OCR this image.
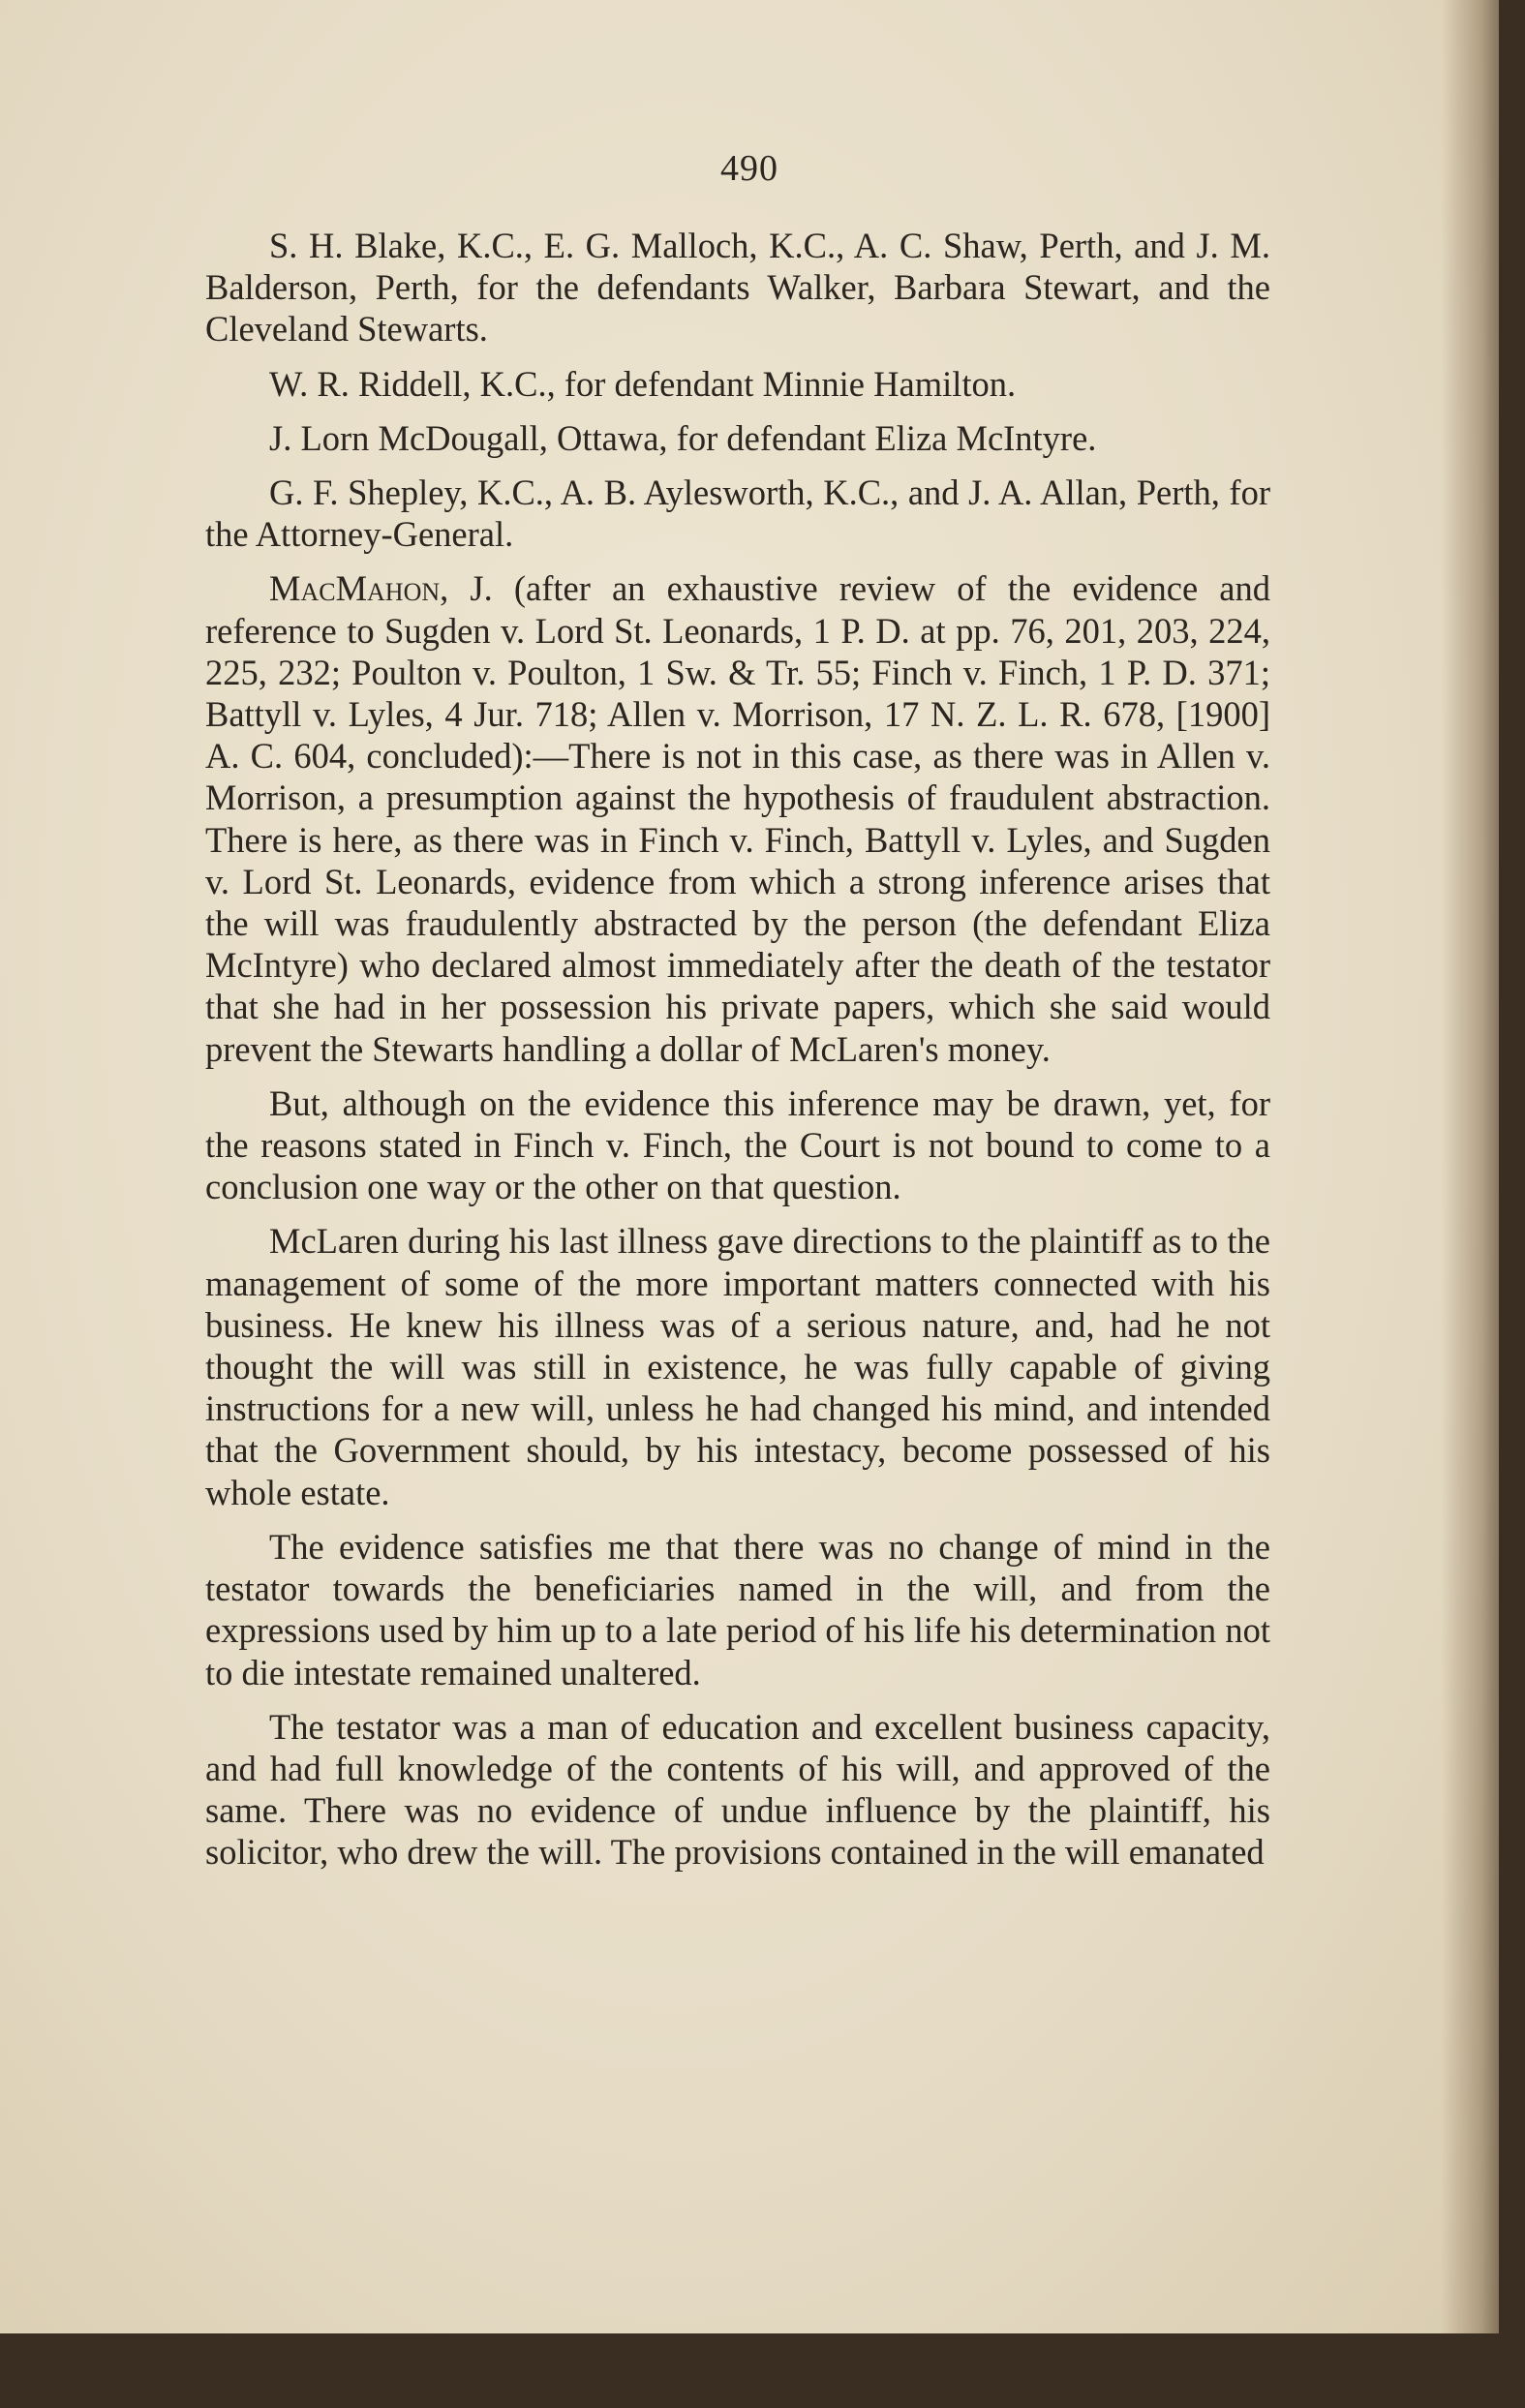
490

S. H. Blake, K.C., E. G. Malloch, K.C., A. C. Shaw, Perth, and J. M. Balderson, Perth, for the defendants Walker, Barbara Stewart, and the Cleveland Stewarts.

W. R. Riddell, K.C., for defendant Minnie Hamilton.

J. Lorn McDougall, Ottawa, for defendant Eliza McIntyre.

G. F. Shepley, K.C., A. B. Aylesworth, K.C., and J. A. Allan, Perth, for the Attorney-General.

MacMahon, J. (after an exhaustive review of the evidence and reference to Sugden v. Lord St. Leonards, 1 P. D. at pp. 76, 201, 203, 224, 225, 232; Poulton v. Poulton, 1 Sw. & Tr. 55; Finch v. Finch, 1 P. D. 371; Battyll v. Lyles, 4 Jur. 718; Allen v. Morrison, 17 N. Z. L. R. 678, [1900] A. C. 604, concluded):—There is not in this case, as there was in Allen v. Morrison, a presumption against the hypothesis of fraudulent abstraction. There is here, as there was in Finch v. Finch, Battyll v. Lyles, and Sugden v. Lord St. Leonards, evidence from which a strong inference arises that the will was fraudulently abstracted by the person (the defendant Eliza McIntyre) who declared almost immediately after the death of the testator that she had in her possession his private papers, which she said would prevent the Stewarts handling a dollar of McLaren's money.

But, although on the evidence this inference may be drawn, yet, for the reasons stated in Finch v. Finch, the Court is not bound to come to a conclusion one way or the other on that question.

McLaren during his last illness gave directions to the plaintiff as to the management of some of the more important matters connected with his business. He knew his illness was of a serious nature, and, had he not thought the will was still in existence, he was fully capable of giving instructions for a new will, unless he had changed his mind, and intended that the Government should, by his intestacy, become possessed of his whole estate.

The evidence satisfies me that there was no change of mind in the testator towards the beneficiaries named in the will, and from the expressions used by him up to a late period of his life his determination not to die intestate remained unaltered.

The testator was a man of education and excellent business capacity, and had full knowledge of the contents of his will, and approved of the same. There was no evidence of undue influence by the plaintiff, his solicitor, who drew the will. The provisions contained in the will emanated
